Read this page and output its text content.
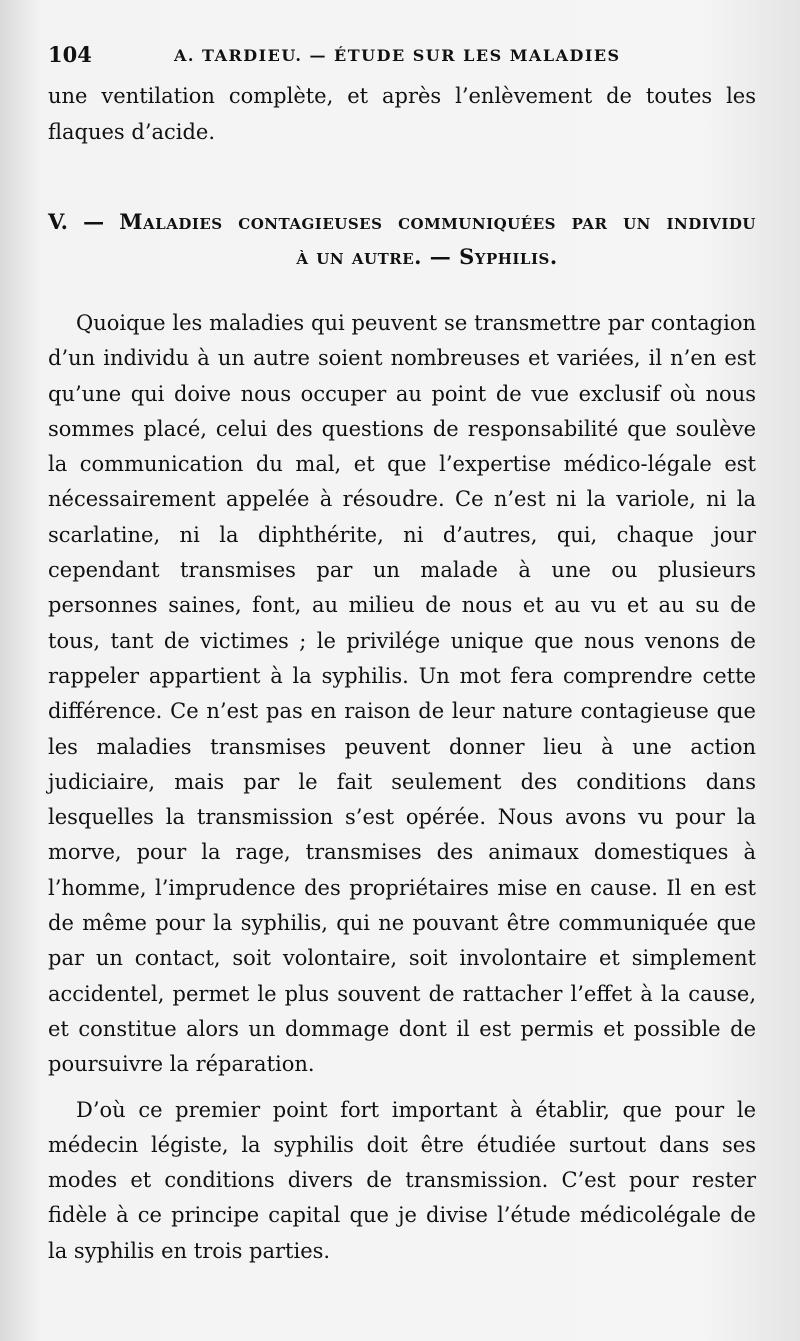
104	A. TARDIEU. — ÉTUDE SUR LES MALADIES

une ventilation complète, et après l’enlèvement de toutes les flaques d’acide.

V. — Maladies contagieuses communiquées par un individu
à un autre. — Syphilis.

Quoique les maladies qui peuvent se transmettre par contagion d’un individu à un autre soient nombreuses et variées, il n’en est qu’une qui doive nous occuper au point de vue exclusif où nous sommes placé, celui des questions de responsabilité que soulève la communication du mal, et que l’expertise médico-légale est nécessairement appelée à résoudre. Ce n’est ni la variole, ni la scarlatine, ni la diphthérite, ni d’autres, qui, chaque jour cependant transmises par un malade à une ou plusieurs personnes saines, font, au milieu de nous et au vu et au su de tous, tant de victimes ; le privilége unique que nous venons de rappeler appartient à la syphilis. Un mot fera comprendre cette différence. Ce n’est pas en raison de leur nature contagieuse que les maladies transmises peuvent donner lieu à une action judiciaire, mais par le fait seulement des conditions dans lesquelles la transmission s’est opérée. Nous avons vu pour la morve, pour la rage, transmises des animaux domestiques à l’homme, l’imprudence des propriétaires mise en cause. Il en est de même pour la syphilis, qui ne pouvant être communiquée que par un contact, soit volontaire, soit involontaire et simplement accidentel, permet le plus souvent de rattacher l’effet à la cause, et constitue alors un dommage dont il est permis et possible de poursuivre la réparation.

D’où ce premier point fort important à établir, que pour le médecin légiste, la syphilis doit être étudiée surtout dans ses modes et conditions divers de transmission. C’est pour rester fidèle à ce principe capital que je divise l’étude médicolégale de la syphilis en trois parties.
